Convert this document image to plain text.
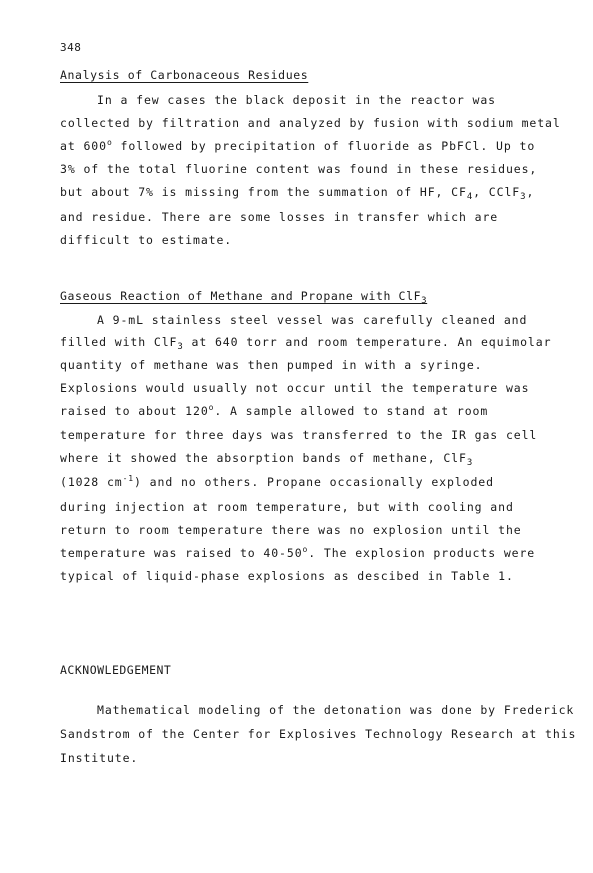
348
Analysis of Carbonaceous Residues
In a few cases the black deposit in the reactor was
collected by filtration and analyzed by fusion with sodium metal
at 600$^o$ followed by precipitation of fluoride as PbFCl. Up to
3% of the total fluorine content was found in these residues,
but about 7% is missing from the summation of HF, $CF_4$, CClF$_3$,
and residue. There are some losses in transfer which are
difficult to estimate.
Gaseous Reaction of Methane and Propane with ClF$_3$
A 9-mL stainless steel vessel was carefully cleaned and
filled with ClF$_3$ at 640 torr and room temperature. An equimolar
quantity of methane was then pumped in with a syringe.
Explosions would usually not occur until the temperature was
raised to about 120$^o$. A sample allowed to stand at room
temperature for three days was transferred to the IR gas cell
where it showed the absorption bands of methane, ClF$_3$
(1028 $cm^{-1}$) and no others. Propane occasionally exploded
during injection at room temperature, but with cooling and
return to room temperature there was no explosion until the
temperature was raised to 40-50$^o$. The explosion products were
typical of liquid-phase explosions as descibed in Table 1.
ACKNOWLEDGEMENT
Mathematical modeling of the detonation was done by Frederick
Sandstrom of the Center for Explosives Technology Research at this
Institute.
